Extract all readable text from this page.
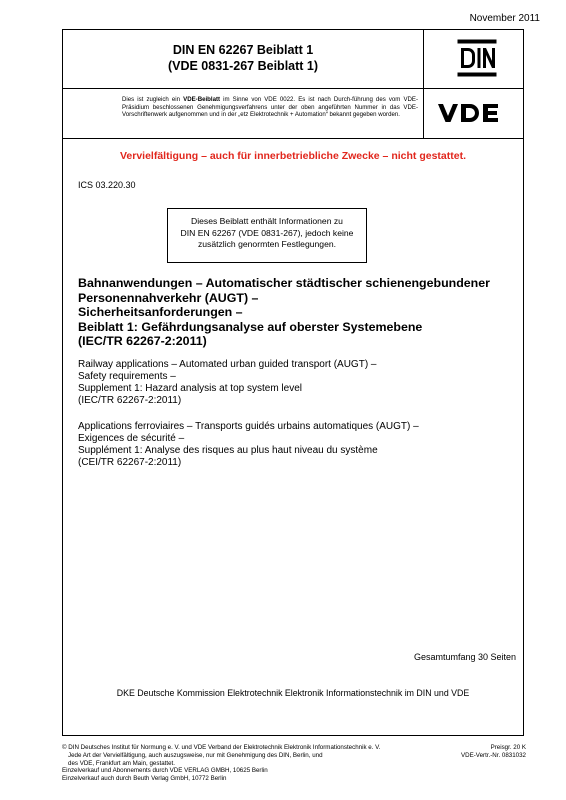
November 2011
DIN EN 62267 Beiblatt 1
(VDE 0831-267 Beiblatt 1)
Dies ist zugleich ein VDE-Beiblatt im Sinne von VDE 0022. Es ist nach Durch-führung des vom VDE-Präsidium beschlossenen Genehmigungsverfahrens unter der oben angeführten Nummer in das VDE-Vorschriftenwerk aufgenommen und in der „etz Elektrotechnik + Automation“ bekannt gegeben worden.
Vervielfältigung – auch für innerbetriebliche Zwecke – nicht gestattet.
ICS 03.220.30
Dieses Beiblatt enthält Informationen zu
DIN EN 62267 (VDE 0831-267), jedoch keine
zusätzlich genormten Festlegungen.
Bahnanwendungen – Automatischer städtischer schienengebundener
Personennahverkehr (AUGT) –
Sicherheitsanforderungen –
Beiblatt 1: Gefährdungsanalyse auf oberster Systemebene
(IEC/TR 62267-2:2011)
Railway applications – Automated urban guided transport (AUGT) –
Safety requirements –
Supplement 1: Hazard analysis at top system level
(IEC/TR 62267-2:2011)
Applications ferroviaires – Transports guidés urbains automatiques (AUGT) –
Exigences de sécurité –
Supplément 1: Analyse des risques au plus haut niveau du système
(CEI/TR 62267-2:2011)
Gesamtumfang 30 Seiten
DKE Deutsche Kommission Elektrotechnik Elektronik Informationstechnik im DIN und VDE
© DIN Deutsches Institut für Normung e. V. und VDE Verband der Elektrotechnik Elektronik Informationstechnik e. V.
Jede Art der Vervielfältigung, auch auszugsweise, nur mit Genehmigung des DIN, Berlin, und
des VDE, Frankfurt am Main, gestattet.
Einzelverkauf und Abonnements durch VDE VERLAG GMBH, 10625 Berlin
Einzelverkauf auch durch Beuth Verlag GmbH, 10772 Berlin
Preisgr. 20 K
VDE-Vertr.-Nr. 0831032
